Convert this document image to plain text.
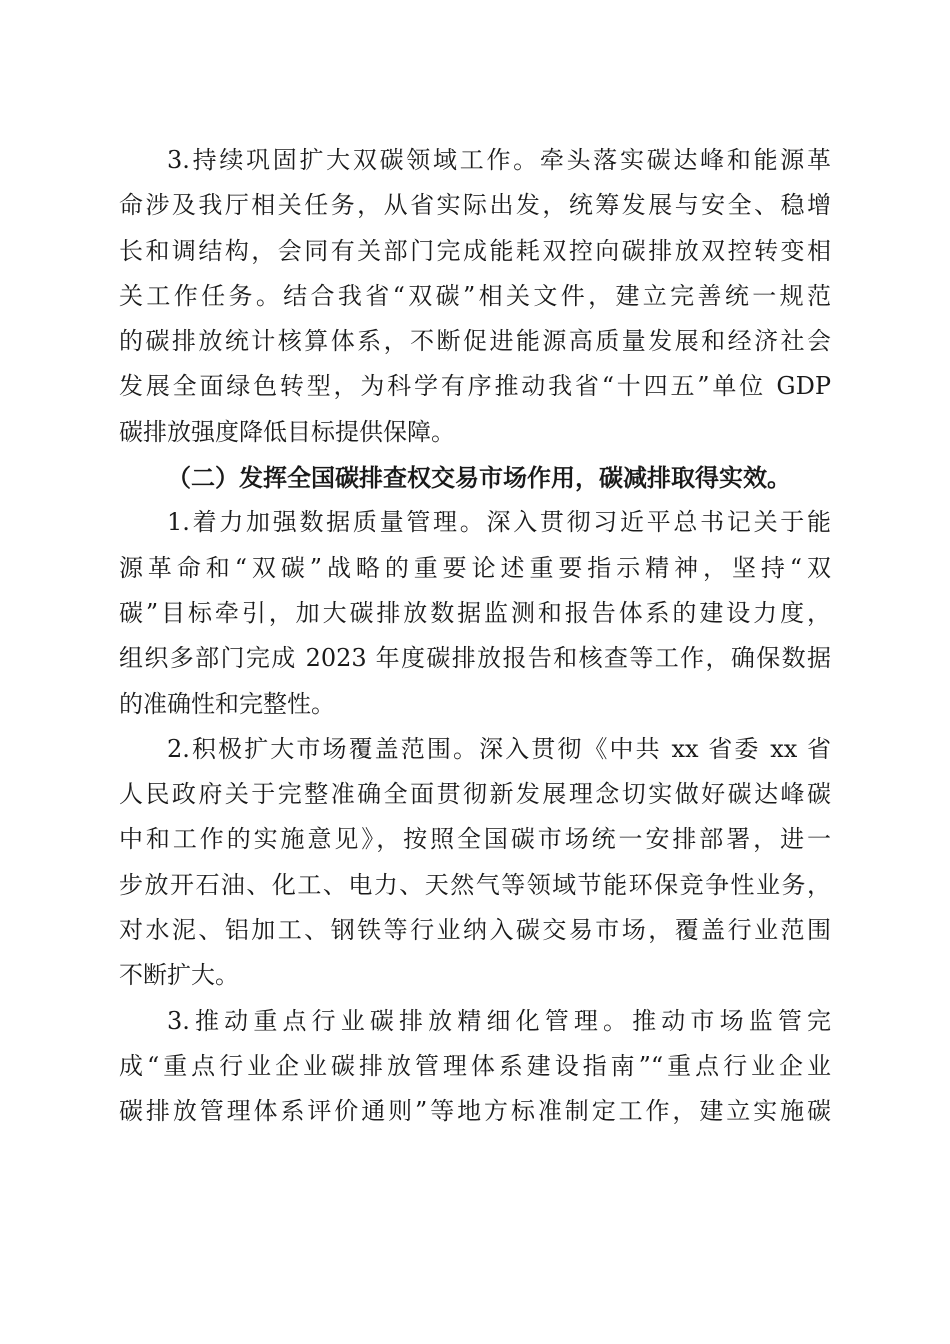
3.持续巩固扩大双碳领域工作。牵头落实碳达峰和能源革
命涉及我厅相关任务，从省实际出发，统筹发展与安全、稳增
长和调结构，会同有关部门完成能耗双控向碳排放双控转变相
关工作任务。结合我省“双碳”相关文件，建立完善统一规范
的碳排放统计核算体系，不断促进能源高质量发展和经济社会
发展全面绿色转型，为科学有序推动我省“十四五”单位 GDP
碳排放强度降低目标提供保障。
（二）发挥全国碳排查权交易市场作用，碳减排取得实效。
1.着力加强数据质量管理。深入贯彻习近平总书记关于能
源革命和“双碳”战略的重要论述重要指示精神，坚持“双
碳”目标牵引，加大碳排放数据监测和报告体系的建设力度，
组织多部门完成 2023 年度碳排放报告和核查等工作，确保数据
的准确性和完整性。
2.积极扩大市场覆盖范围。深入贯彻《中共 xx 省委 xx 省
人民政府关于完整准确全面贯彻新发展理念切实做好碳达峰碳
中和工作的实施意见》，按照全国碳市场统一安排部署，进一
步放开石油、化工、电力、天然气等领域节能环保竞争性业务，
对水泥、铝加工、钢铁等行业纳入碳交易市场，覆盖行业范围
不断扩大。
3.推动重点行业碳排放精细化管理。推动市场监管完
成“重点行业企业碳排放管理体系建设指南”“重点行业企业
碳排放管理体系评价通则”等地方标准制定工作，建立实施碳
